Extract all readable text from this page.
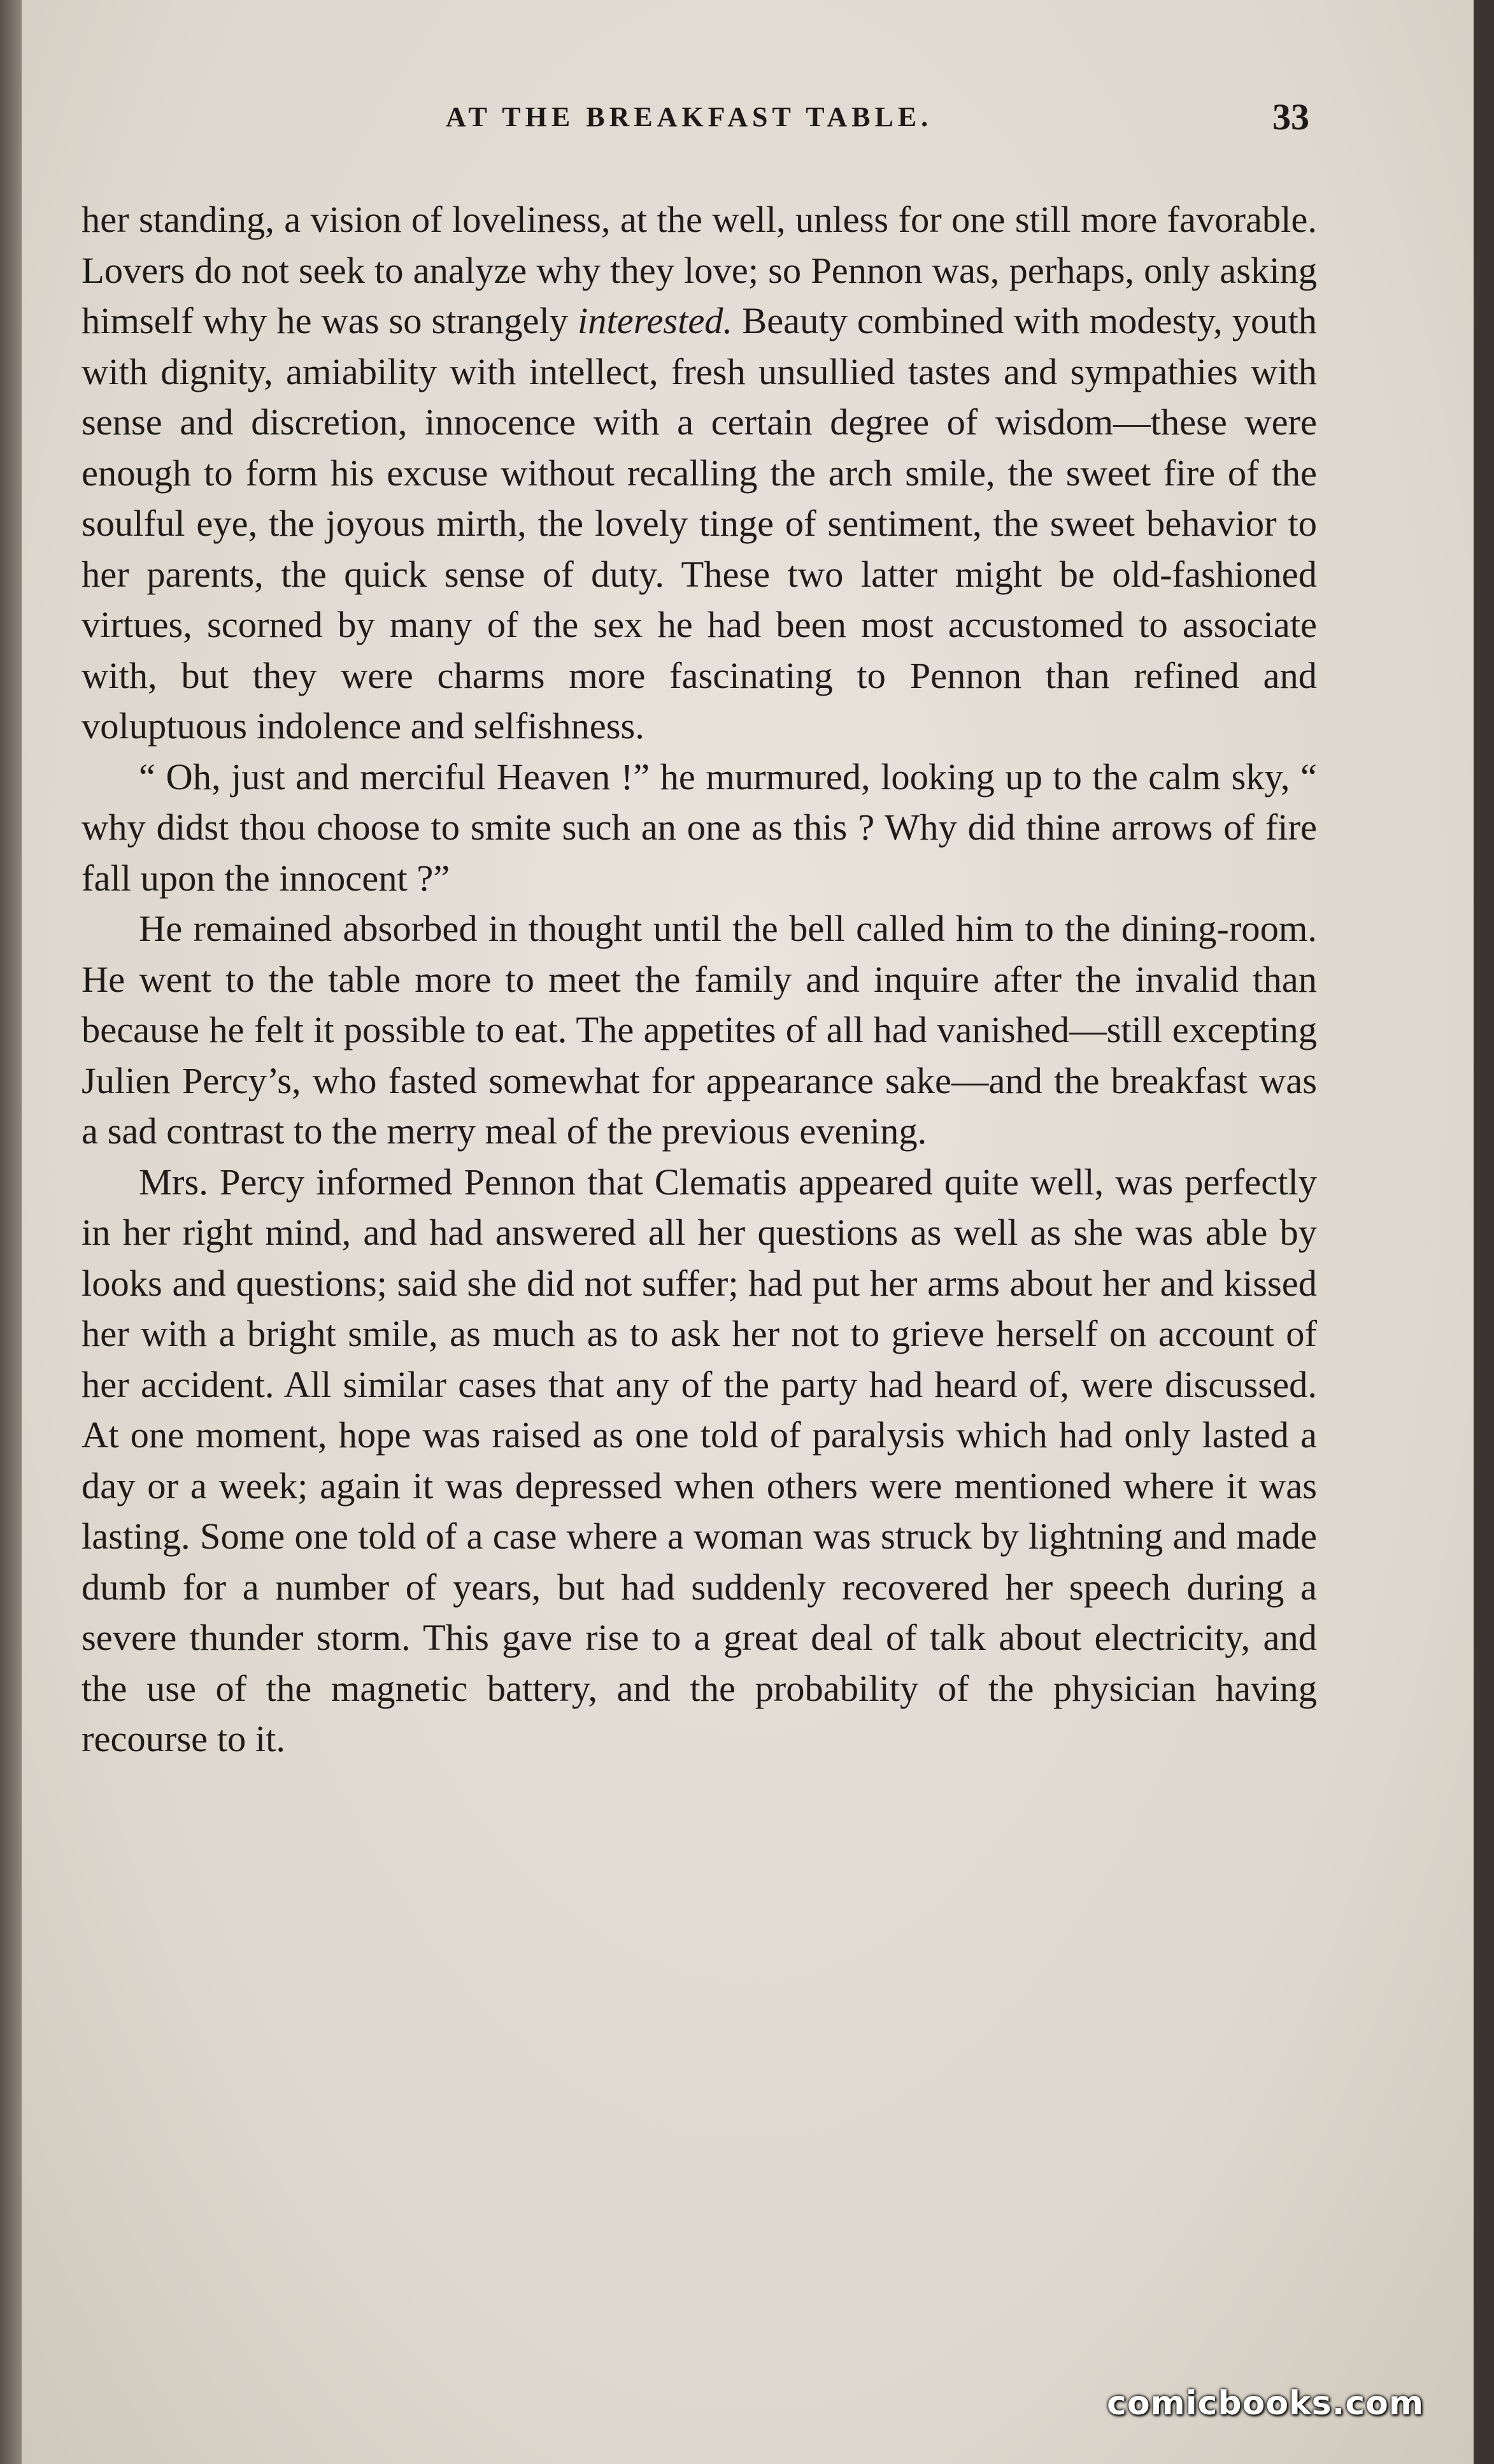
AT THE BREAKFAST TABLE.	33

her standing, a vision of loveliness, at the well, unless for one still more favorable. Lovers do not seek to analyze why they love; so Pennon was, perhaps, only asking himself why he was so strangely interested. Beauty combined with modesty, youth with dignity, amiability with intellect, fresh unsullied tastes and sympathies with sense and discretion, innocence with a certain degree of wisdom—these were enough to form his excuse without recalling the arch smile, the sweet fire of the soulful eye, the joyous mirth, the lovely tinge of sentiment, the sweet behavior to her parents, the quick sense of duty. These two latter might be old-fashioned virtues, scorned by many of the sex he had been most accustomed to associate with, but they were charms more fascinating to Pennon than refined and voluptuous indolence and selfishness.

“ Oh, just and merciful Heaven !” he murmured, looking up to the calm sky, “ why didst thou choose to smite such an one as this ? Why did thine arrows of fire fall upon the innocent ?”

He remained absorbed in thought until the bell called him to the dining-room. He went to the table more to meet the family and inquire after the invalid than because he felt it possible to eat. The appetites of all had vanished—still excepting Julien Percy’s, who fasted somewhat for appearance sake—and the breakfast was a sad contrast to the merry meal of the previous evening.

Mrs. Percy informed Pennon that Clematis appeared quite well, was perfectly in her right mind, and had answered all her questions as well as she was able by looks and questions; said she did not suffer; had put her arms about her and kissed her with a bright smile, as much as to ask her not to grieve herself on account of her accident. All similar cases that any of the party had heard of, were discussed. At one moment, hope was raised as one told of paralysis which had only lasted a day or a week; again it was depressed when others were mentioned where it was lasting. Some one told of a case where a woman was struck by lightning and made dumb for a number of years, but had suddenly recovered her speech during a severe thunder storm. This gave rise to a great deal of talk about electricity, and the use of the magnetic battery, and the probability of the physician having recourse to it.

comicbooks.com
